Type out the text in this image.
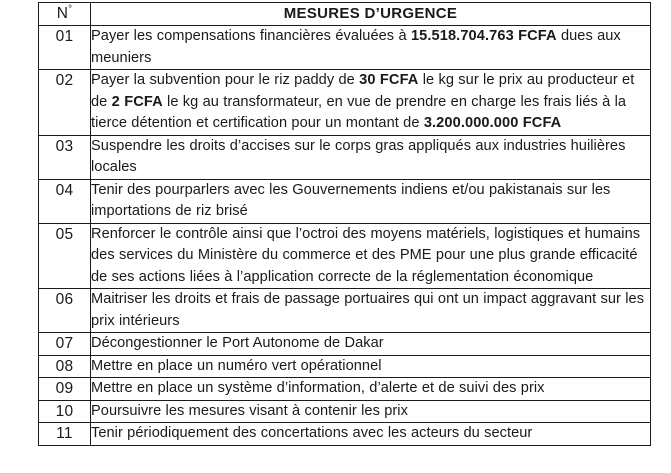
N°	MESURES D’URGENCE
01	Payer les compensations financières évaluées à 15.518.704.763 FCFA dues aux meuniers
02	Payer la subvention pour le riz paddy de 30 FCFA le kg sur le prix au producteur et de 2 FCFA le kg au transformateur, en vue de prendre en charge les frais liés à la tierce détention et certification pour un montant de 3.200.000.000 FCFA
03	Suspendre les droits d’accises sur le corps gras appliqués aux industries huilières locales
04	Tenir des pourparlers avec les Gouvernements indiens et/ou pakistanais sur les importations de riz brisé
05	Renforcer le contrôle ainsi que l’octroi des moyens matériels, logistiques et humains des services du Ministère du commerce et des PME pour une plus grande efficacité de ses actions liées à l’application correcte de la réglementation économique
06	Maitriser les droits et frais de passage portuaires qui ont un impact aggravant sur les prix intérieurs
07	Décongestionner le Port Autonome de Dakar
08	Mettre en place un numéro vert opérationnel
09	Mettre en place un système d’information, d’alerte et de suivi des prix
10	Poursuivre les mesures visant à contenir les prix
11	Tenir périodiquement des concertations avec les acteurs du secteur
